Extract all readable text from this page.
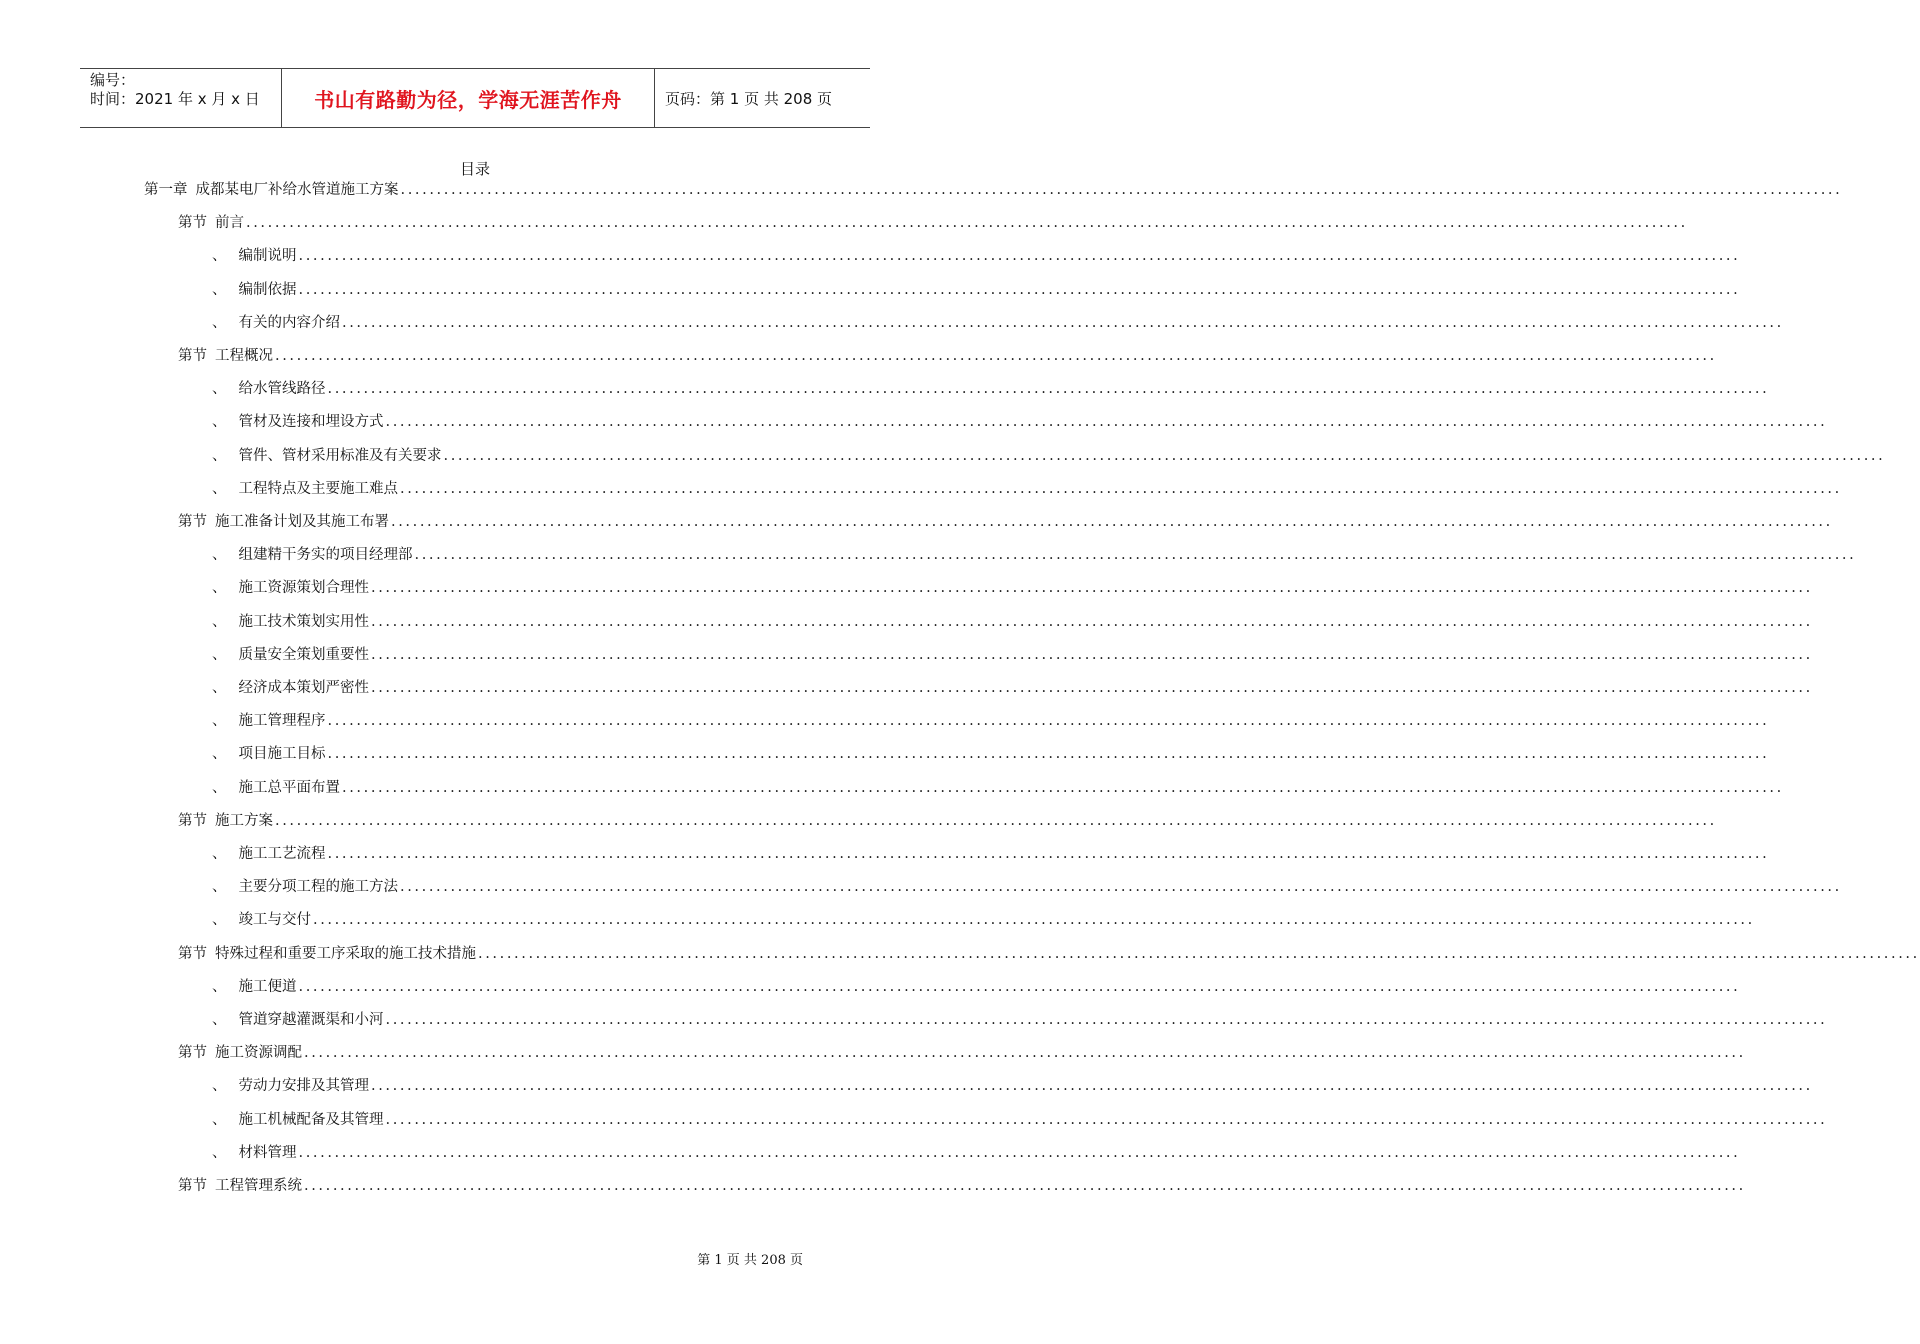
编号：
时间：2021 年 x 月 x 日	书山有路勤为径，学海无涯苦作舟	页码：第 1 页 共 208 页
目录
第一章 成都某电厂补给水管道施工方案 ........................................................................................................................................................................................................
第节 前言 ........................................................................................................................................................................................................
、 编制说明 ........................................................................................................................................................................................................
、 编制依据 ........................................................................................................................................................................................................
、 有关的内容介绍 ........................................................................................................................................................................................................
第节 工程概况 ........................................................................................................................................................................................................
、 给水管线路径 ........................................................................................................................................................................................................
、 管材及连接和埋设方式 ........................................................................................................................................................................................................
、 管件、管材采用标准及有关要求 ........................................................................................................................................................................................................
、 工程特点及主要施工难点 ........................................................................................................................................................................................................
第节 施工准备计划及其施工布署 ........................................................................................................................................................................................................
、 组建精干务实的项目经理部 ........................................................................................................................................................................................................
、 施工资源策划合理性 ........................................................................................................................................................................................................
、 施工技术策划实用性 ........................................................................................................................................................................................................
、 质量安全策划重要性 ........................................................................................................................................................................................................
、 经济成本策划严密性 ........................................................................................................................................................................................................
、 施工管理程序 ........................................................................................................................................................................................................
、 项目施工目标 ........................................................................................................................................................................................................
、 施工总平面布置 ........................................................................................................................................................................................................
第节 施工方案 ........................................................................................................................................................................................................
、 施工工艺流程 ........................................................................................................................................................................................................
、 主要分项工程的施工方法 ........................................................................................................................................................................................................
、 竣工与交付 ........................................................................................................................................................................................................
第节 特殊过程和重要工序采取的施工技术措施 ........................................................................................................................................................................................................
、 施工便道 ........................................................................................................................................................................................................
、 管道穿越灌溉渠和小河 ........................................................................................................................................................................................................
第节 施工资源调配 ........................................................................................................................................................................................................
、 劳动力安排及其管理 ........................................................................................................................................................................................................
、 施工机械配备及其管理 ........................................................................................................................................................................................................
、 材料管理 ........................................................................................................................................................................................................
第节 工程管理系统 ........................................................................................................................................................................................................
第 1 页 共 208 页
